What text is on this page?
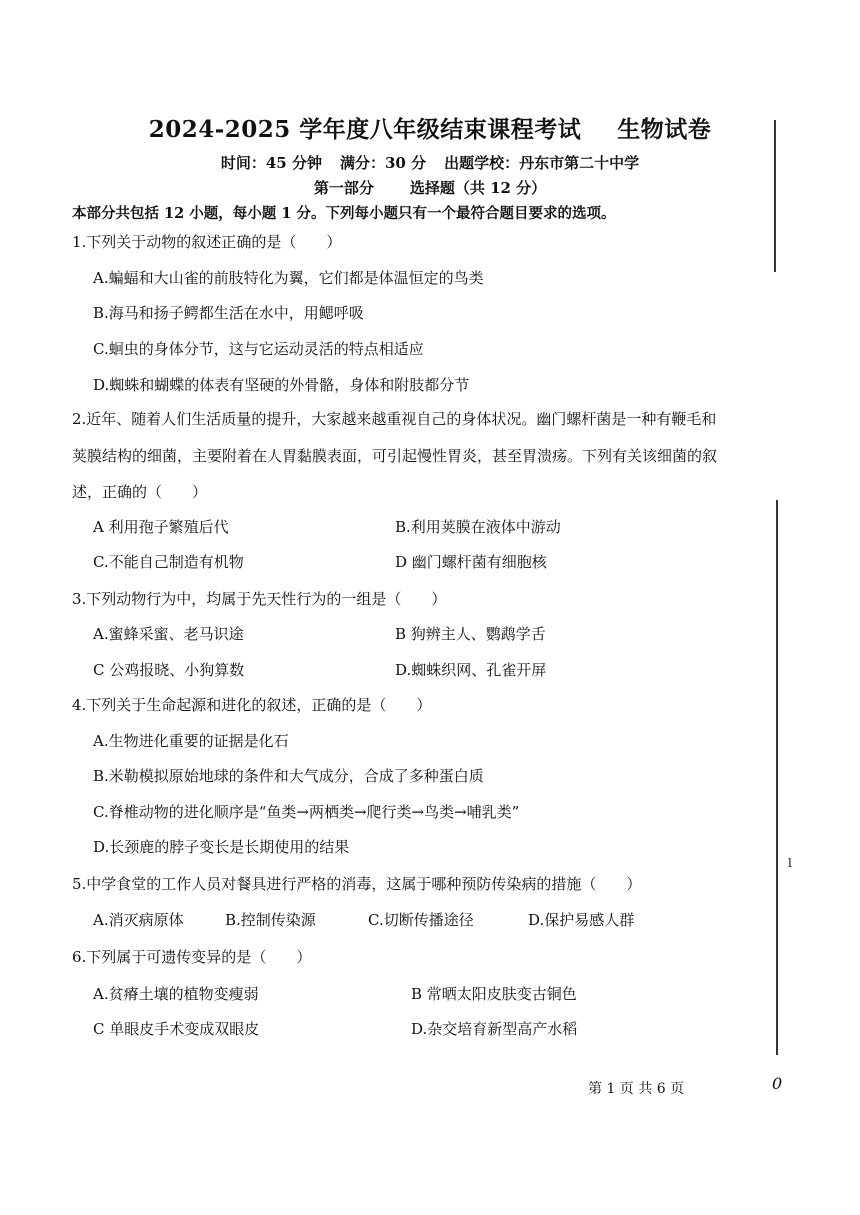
2024-2025 学年度八年级结束课程考试 生物试卷
时间：45 分钟 满分：30 分 出题学校：丹东市第二十中学
第一部分 选择题（共 12 分）
本部分共包括 12 小题，每小题 1 分。下列每小题只有一个最符合题目要求的选项。
1.下列关于动物的叙述正确的是（　　）
A.蝙蝠和大山雀的前肢特化为翼，它们都是体温恒定的鸟类
B.海马和扬子鳄都生活在水中，用鳃呼吸
C.蛔虫的身体分节，这与它运动灵活的特点相适应
D.蜘蛛和蝴蝶的体表有坚硬的外骨骼，身体和附肢都分节
2.近年、随着人们生活质量的提升，大家越来越重视自己的身体状况。幽门螺杆菌是一种有鞭毛和
荚膜结构的细菌，主要附着在人胃黏膜表面，可引起慢性胃炎，甚至胃溃疡。下列有关该细菌的叙
述，正确的（　　）
A 利用孢子繁殖后代	B.利用荚膜在液体中游动
C.不能自己制造有机物	D 幽门螺杆菌有细胞核
3.下列动物行为中，均属于先天性行为的一组是（　　）
A.蜜蜂采蜜、老马识途	B 狗辨主人、鹦鹉学舌
C 公鸡报晓、小狗算数	D.蜘蛛织网、孔雀开屏
4.下列关于生命起源和进化的叙述，正确的是（　　）
A.生物进化重要的证据是化石
B.米勒模拟原始地球的条件和大气成分，合成了多种蛋白质
C.脊椎动物的进化顺序是“鱼类→两栖类→爬行类→鸟类→哺乳类”
D.长颈鹿的脖子变长是长期使用的结果
5.中学食堂的工作人员对餐具进行严格的消毒，这属于哪种预防传染病的措施（　　）
A.消灭病原体	B.控制传染源	C.切断传播途径	D.保护易感人群
6.下列属于可遗传变异的是（　　）
A.贫瘠土壤的植物变瘦弱	B 常晒太阳皮肤变古铜色
C 单眼皮手术变成双眼皮	D.杂交培育新型高产水稻
第 1 页 共 6 页	0
l
